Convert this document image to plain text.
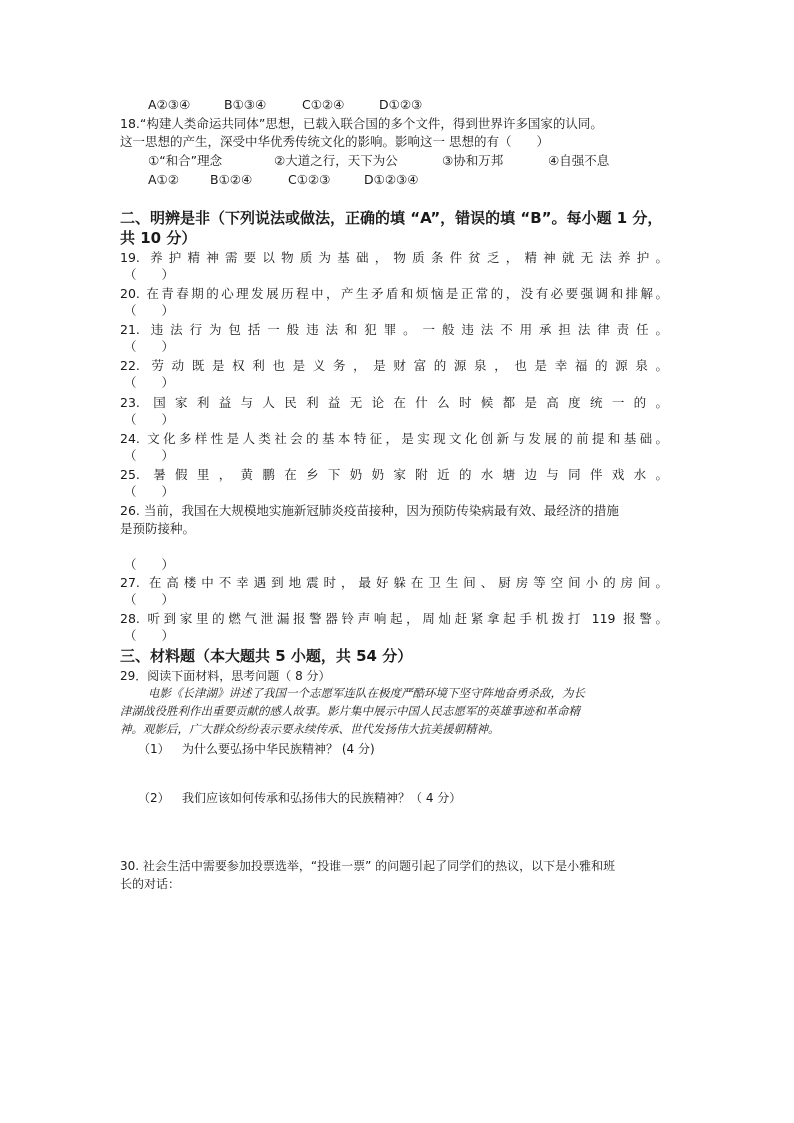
A②③④	B①③④	C①②④	D①②③
18.“构建人类命运共同体”思想，已载入联合国的多个文件，得到世界许多国家的认同。
这一思想的产生，深受中华优秀传统文化的影响。影响这一 思想的有（　　）
①“和合”理念	②大道之行，天下为公	③协和万邦	④自强不息
A①② B①②④	C①②③	D①②③④
二、明辨是非（下列说法或做法，正确的填 “A”，错误的填 “B”。每小题 1 分，
共 10 分）
19. 养护精神需要以物质为基础，物质条件贫乏，精神就无法养护。
（　　）
20. 在青春期的心理发展历程中，产生矛盾和烦恼是正常的，没有必要强调和排解。
（　　）
21. 违法行为包括一般违法和犯罪。一般违法不用承担法律责任。
（　　）
22. 劳动既是权利也是义务，是财富的源泉，也是幸福的源泉。
（　　）
23. 国家利益与人民利益无论在什么时候都是高度统一的。
（　　）
24. 文化多样性是人类社会的基本特征，是实现文化创新与发展的前提和基础。
（　　）
25. 暑假里，黄鹏在乡下奶奶家附近的水塘边与同伴戏水。
（　　）
26. 当前，我国在大规模地实施新冠肺炎疫苗接种，因为预防传染病最有效、最经济的措施
是预防接种。
（　　）
27. 在高楼中不幸遇到地震时，最好躲在卫生间、厨房等空间小的房间。
（　　）
28. 听到家里的燃气泄漏报警器铃声响起，周灿赶紧拿起手机拨打 119 报警。
（　　）
三、材料题（本大题共 5 小题，共 54 分）
29．阅读下面材料，思考问题（ 8 分）
电影《长津湖》讲述了我国一个志愿军连队在极度严酷环境下坚守阵地奋勇杀敌，为长
津湖战役胜利作出重要贡献的感人故事。影片集中展示中国人民志愿军的英雄事迹和革命精
神。观影后，广大群众纷纷表示要永续传承、世代发扬伟大抗美援朝精神。
（1） 为什么要弘扬中华民族精神？ (4 分)
（2） 我们应该如何传承和弘扬伟大的民族精神？（ 4 分）
30. 社会生活中需要参加投票选举，“投谁一票” 的问题引起了同学们的热议，以下是小雅和班
长的对话：
